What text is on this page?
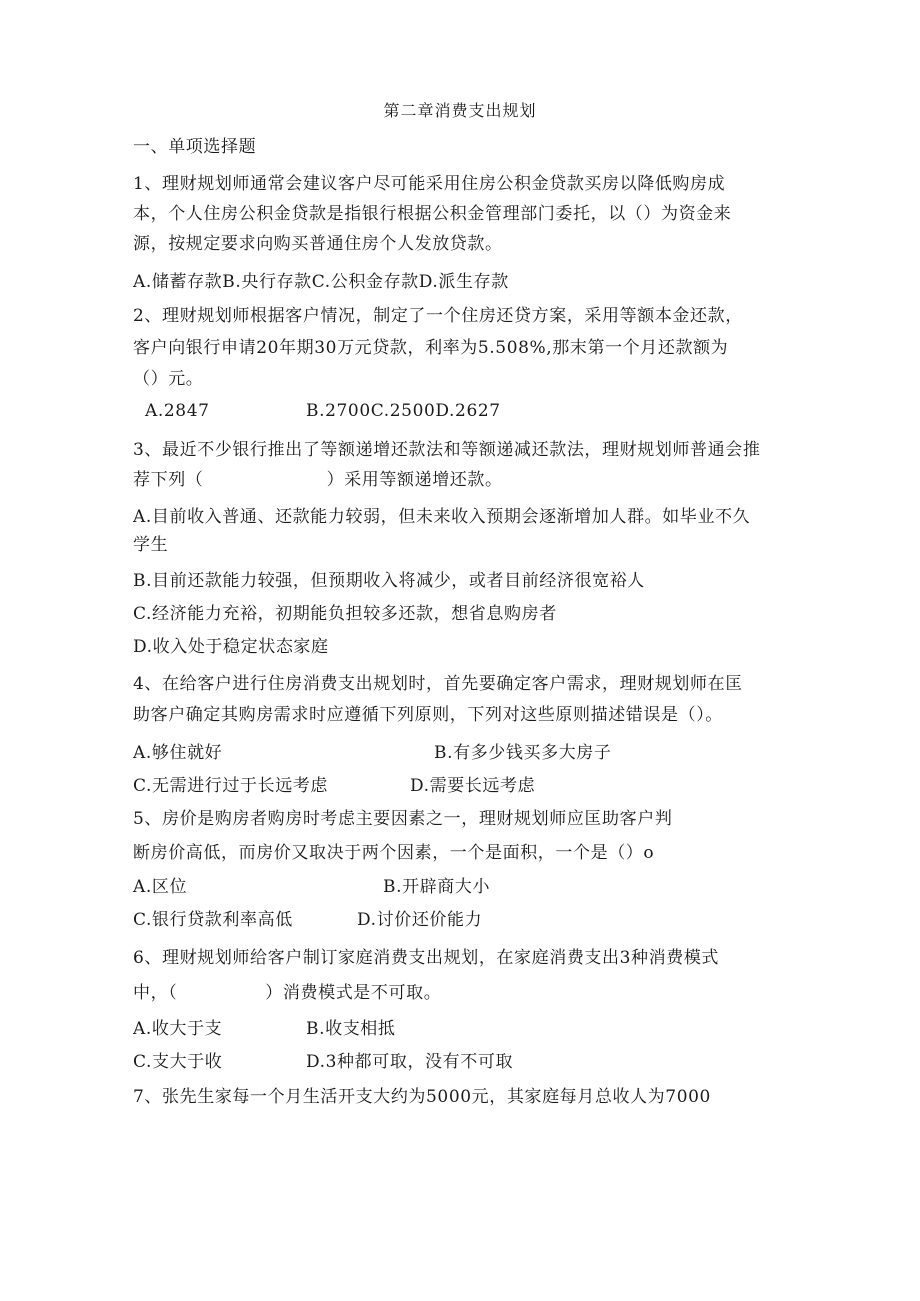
第二章消费支出规划
一、单项选择题
1、理财规划师通常会建议客户尽可能采用住房公积金贷款买房以降低购房成
本，个人住房公积金贷款是指银行根据公积金管理部门委托，以（）为资金来
源，按规定要求向购买普通住房个人发放贷款。
A.储蓄存款B.央行存款C.公积金存款D.派生存款
2、理财规划师根据客户情况，制定了一个住房还贷方案，采用等额本金还款，
客户向银行申请20年期30万元贷款，利率为5.508%,那末第一个月还款额为
（）元。
A.2847	B.2700C.2500D.2627
3、最近不少银行推出了等额递增还款法和等额递减还款法，理财规划师普通会推
荐下列（　　　　　　　）采用等额递增还款。
A.目前收入普通、还款能力较弱，但未来收入预期会逐渐增加人群。如毕业不久
学生
B.目前还款能力较强，但预期收入将减少，或者目前经济很宽裕人
C.经济能力充裕，初期能负担较多还款，想省息购房者
D.收入处于稳定状态家庭
4、在给客户进行住房消费支出规划时，首先要确定客户需求，理财规划师在匡
助客户确定其购房需求时应遵循下列原则，下列对这些原则描述错误是（）。
A.够住就好	B.有多少钱买多大房子
C.无需进行过于长远考虑	D.需要长远考虑
5、房价是购房者购房时考虑主要因素之一，理财规划师应匡助客户判
断房价高低，而房价又取决于两个因素，一个是面积，一个是（）o
A.区位	B.开辟商大小
C.银行贷款利率高低	D.讨价还价能力
6、理财规划师给客户制订家庭消费支出规划，在家庭消费支出3种消费模式
中，（　　　　　）消费模式是不可取。
A.收大于支	B.收支相抵
C.支大于收	D.3种都可取，没有不可取
7、张先生家每一个月生活开支大约为5000元，其家庭每月总收人为7000
